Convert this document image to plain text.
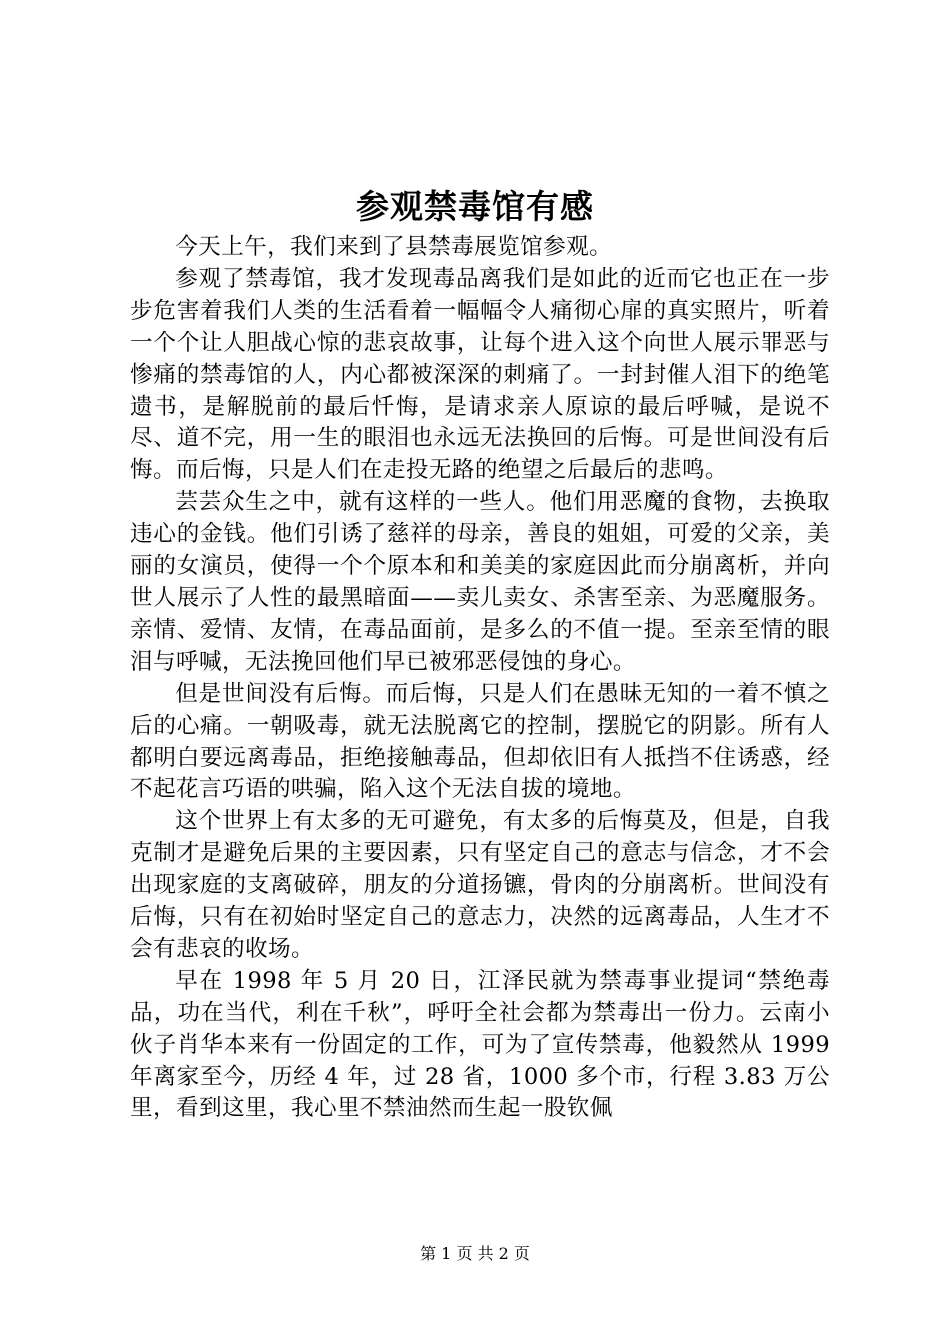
参观禁毒馆有感

今天上午，我们来到了县禁毒展览馆参观。

参观了禁毒馆，我才发现毒品离我们是如此的近而它也正在一步步危害着我们人类的生活看着一幅幅令人痛彻心扉的真实照片，听着一个个让人胆战心惊的悲哀故事，让每个进入这个向世人展示罪恶与惨痛的禁毒馆的人，内心都被深深的刺痛了。一封封催人泪下的绝笔遗书，是解脱前的最后忏悔，是请求亲人原谅的最后呼喊，是说不尽、道不完，用一生的眼泪也永远无法换回的后悔。可是世间没有后悔。而后悔，只是人们在走投无路的绝望之后最后的悲鸣。

芸芸众生之中，就有这样的一些人。他们用恶魔的食物，去换取违心的金钱。他们引诱了慈祥的母亲，善良的姐姐，可爱的父亲，美丽的女演员，使得一个个原本和和美美的家庭因此而分崩离析，并向世人展示了人性的最黑暗面——卖儿卖女、杀害至亲、为恶魔服务。亲情、爱情、友情，在毒品面前，是多么的不值一提。至亲至情的眼泪与呼喊，无法挽回他们早已被邪恶侵蚀的身心。

但是世间没有后悔。而后悔，只是人们在愚昧无知的一着不慎之后的心痛。一朝吸毒，就无法脱离它的控制，摆脱它的阴影。所有人都明白要远离毒品，拒绝接触毒品，但却依旧有人抵挡不住诱惑，经不起花言巧语的哄骗，陷入这个无法自拔的境地。

这个世界上有太多的无可避免，有太多的后悔莫及，但是，自我克制才是避免后果的主要因素，只有坚定自己的意志与信念，才不会出现家庭的支离破碎，朋友的分道扬镳，骨肉的分崩离析。世间没有后悔，只有在初始时坚定自己的意志力，决然的远离毒品，人生才不会有悲哀的收场。

早在 1998 年 5 月 20 日，江泽民就为禁毒事业提词“禁绝毒品，功在当代，利在千秋”，呼吁全社会都为禁毒出一份力。云南小伙子肖华本来有一份固定的工作，可为了宣传禁毒，他毅然从 1999 年离家至今，历经 4 年，过 28 省，1000 多个市，行程 3.83 万公里，看到这里，我心里不禁油然而生起一股钦佩

第 1 页 共 2 页
